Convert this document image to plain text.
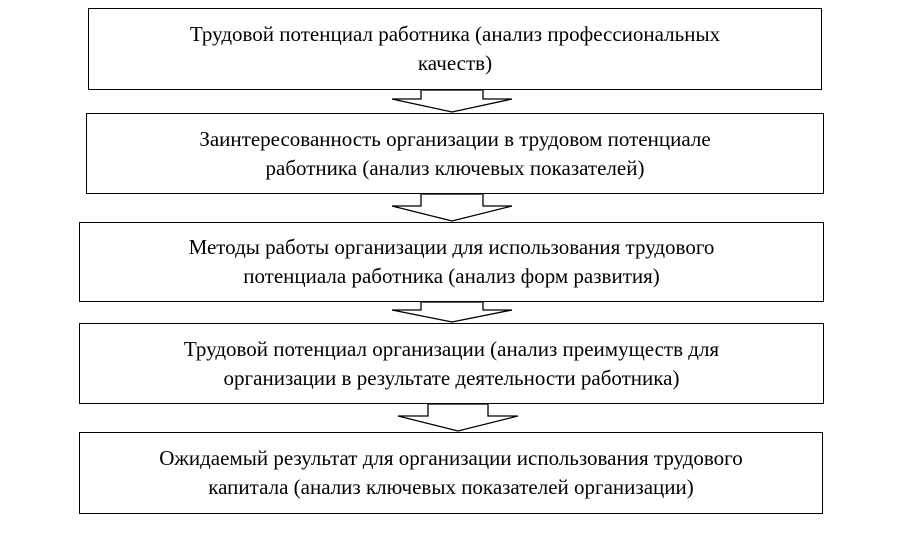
Трудовой потенциал работника (анализ профессиональных
качеств)
Заинтересованность организации в трудовом потенциале
работника (анализ ключевых показателей)
Методы работы организации для использования трудового
потенциала работника (анализ форм развития)
Трудовой потенциал организации (анализ преимуществ для
организации в результате деятельности работника)
Ожидаемый результат для организации использования трудового
капитала (анализ ключевых показателей организации)
